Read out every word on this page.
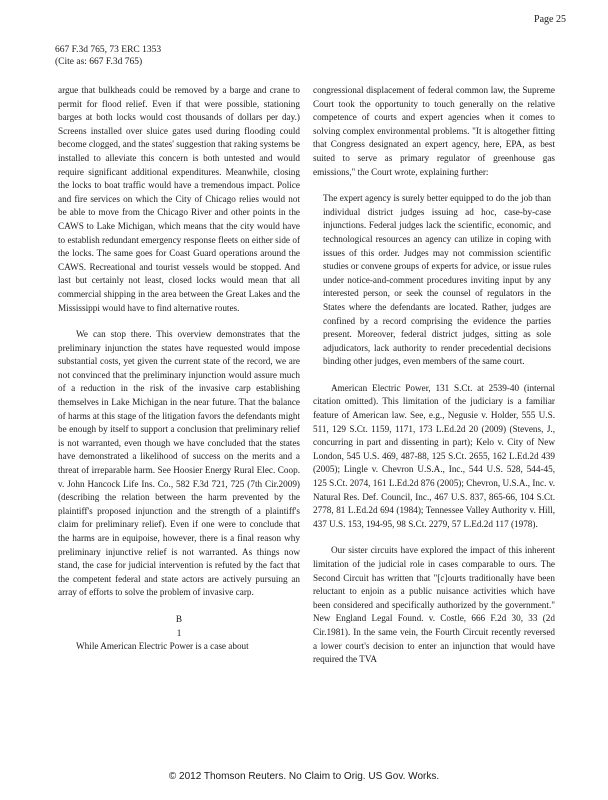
Page 25
667 F.3d 765, 73 ERC 1353
(Cite as: 667 F.3d 765)

argue that bulkheads could be removed by a barge and crane to permit for flood relief. Even if that were possible, stationing barges at both locks would cost thousands of dollars per day.) Screens installed over sluice gates used during flooding could become clogged, and the states' suggestion that raking systems be installed to alleviate this concern is both untested and would require significant additional expenditures. Meanwhile, closing the locks to boat traffic would have a tremendous impact. Police and fire services on which the City of Chicago relies would not be able to move from the Chicago River and other points in the CAWS to Lake Michigan, which means that the city would have to establish redundant emergency response fleets on either side of the locks. The same goes for Coast Guard operations around the CAWS. Recreational and tourist vessels would be stopped. And last but certainly not least, closed locks would mean that all commercial shipping in the area between the Great Lakes and the Mississippi would have to find alternative routes.

We can stop there. This overview demonstrates that the preliminary injunction the states have requested would impose substantial costs, yet given the current state of the record, we are not convinced that the preliminary injunction would assure much of a reduction in the risk of the invasive carp establishing themselves in Lake Michigan in the near future. That the balance of harms at this stage of the litigation favors the defendants might be enough by itself to support a conclusion that preliminary relief is not warranted, even though we have concluded that the states have demonstrated a likelihood of success on the merits and a threat of irreparable harm. See Hoosier Energy Rural Elec. Coop. v. John Hancock Life Ins. Co., 582 F.3d 721, 725 (7th Cir.2009) (describing the relation between the harm prevented by the plaintiff's proposed injunction and the strength of a plaintiff's claim for preliminary relief). Even if one were to conclude that the harms are in equipoise, however, there is a final reason why preliminary injunctive relief is not warranted. As things now stand, the case for judicial intervention is refuted by the fact that the competent federal and state actors are actively pursuing an array of efforts to solve the problem of invasive carp.

B
1

While American Electric Power is a case about

congressional displacement of federal common law, the Supreme Court took the opportunity to touch generally on the relative competence of courts and expert agencies when it comes to solving complex environmental problems. "It is altogether fitting that Congress designated an expert agency, here, EPA, as best suited to serve as primary regulator of greenhouse gas emissions," the Court wrote, explaining further:

The expert agency is surely better equipped to do the job than individual district judges issuing ad hoc, case-by-case injunctions. Federal judges lack the scientific, economic, and technological resources an agency can utilize in coping with issues of this order. Judges may not commission scientific studies or convene groups of experts for advice, or issue rules under notice-and-comment procedures inviting input by any interested person, or seek the counsel of regulators in the States where the defendants are located. Rather, judges are confined by a record comprising the evidence the parties present. Moreover, federal district judges, sitting as sole adjudicators, lack authority to render precedential decisions binding other judges, even members of the same court.

American Electric Power, 131 S.Ct. at 2539-40 (internal citation omitted). This limitation of the judiciary is a familiar feature of American law. See, e.g., Negusie v. Holder, 555 U.S. 511, 129 S.Ct. 1159, 1171, 173 L.Ed.2d 20 (2009) (Stevens, J., concurring in part and dissenting in part); Kelo v. City of New London, 545 U.S. 469, 487-88, 125 S.Ct. 2655, 162 L.Ed.2d 439 (2005); Lingle v. Chevron U.S.A., Inc., 544 U.S. 528, 544-45, 125 S.Ct. 2074, 161 L.Ed.2d 876 (2005); Chevron, U.S.A., Inc. v. Natural Res. Def. Council, Inc., 467 U.S. 837, 865-66, 104 S.Ct. 2778, 81 L.Ed.2d 694 (1984); Tennessee Valley Authority v. Hill, 437 U.S. 153, 194-95, 98 S.Ct. 2279, 57 L.Ed.2d 117 (1978).

Our sister circuits have explored the impact of this inherent limitation of the judicial role in cases comparable to ours. The Second Circuit has written that "[c]ourts traditionally have been reluctant to enjoin as a public nuisance activities which have been considered and specifically authorized by the government." New England Legal Found. v. Costle, 666 F.2d 30, 33 (2d Cir.1981). In the same vein, the Fourth Circuit recently reversed a lower court's decision to enter an injunction that would have required the TVA

© 2012 Thomson Reuters. No Claim to Orig. US Gov. Works.
